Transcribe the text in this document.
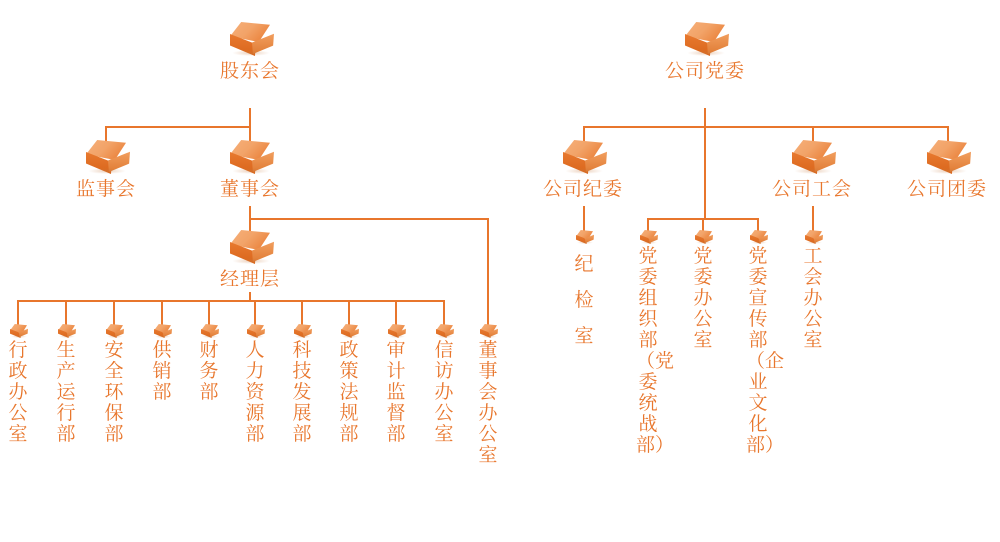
股东会
监事会	董事会
经理层
行政办公室
生产运行部
安全环保部
供销部
财务部
人力资源部
科技发展部
政策法规部
审计监督部
信访办公室
董事会办公室
公司党委
公司纪委	公司工会	公司团委
纪检室
党委组织部（党委统战部）
党委办公室
党委宣传部（企业文化部）
工会办公室
